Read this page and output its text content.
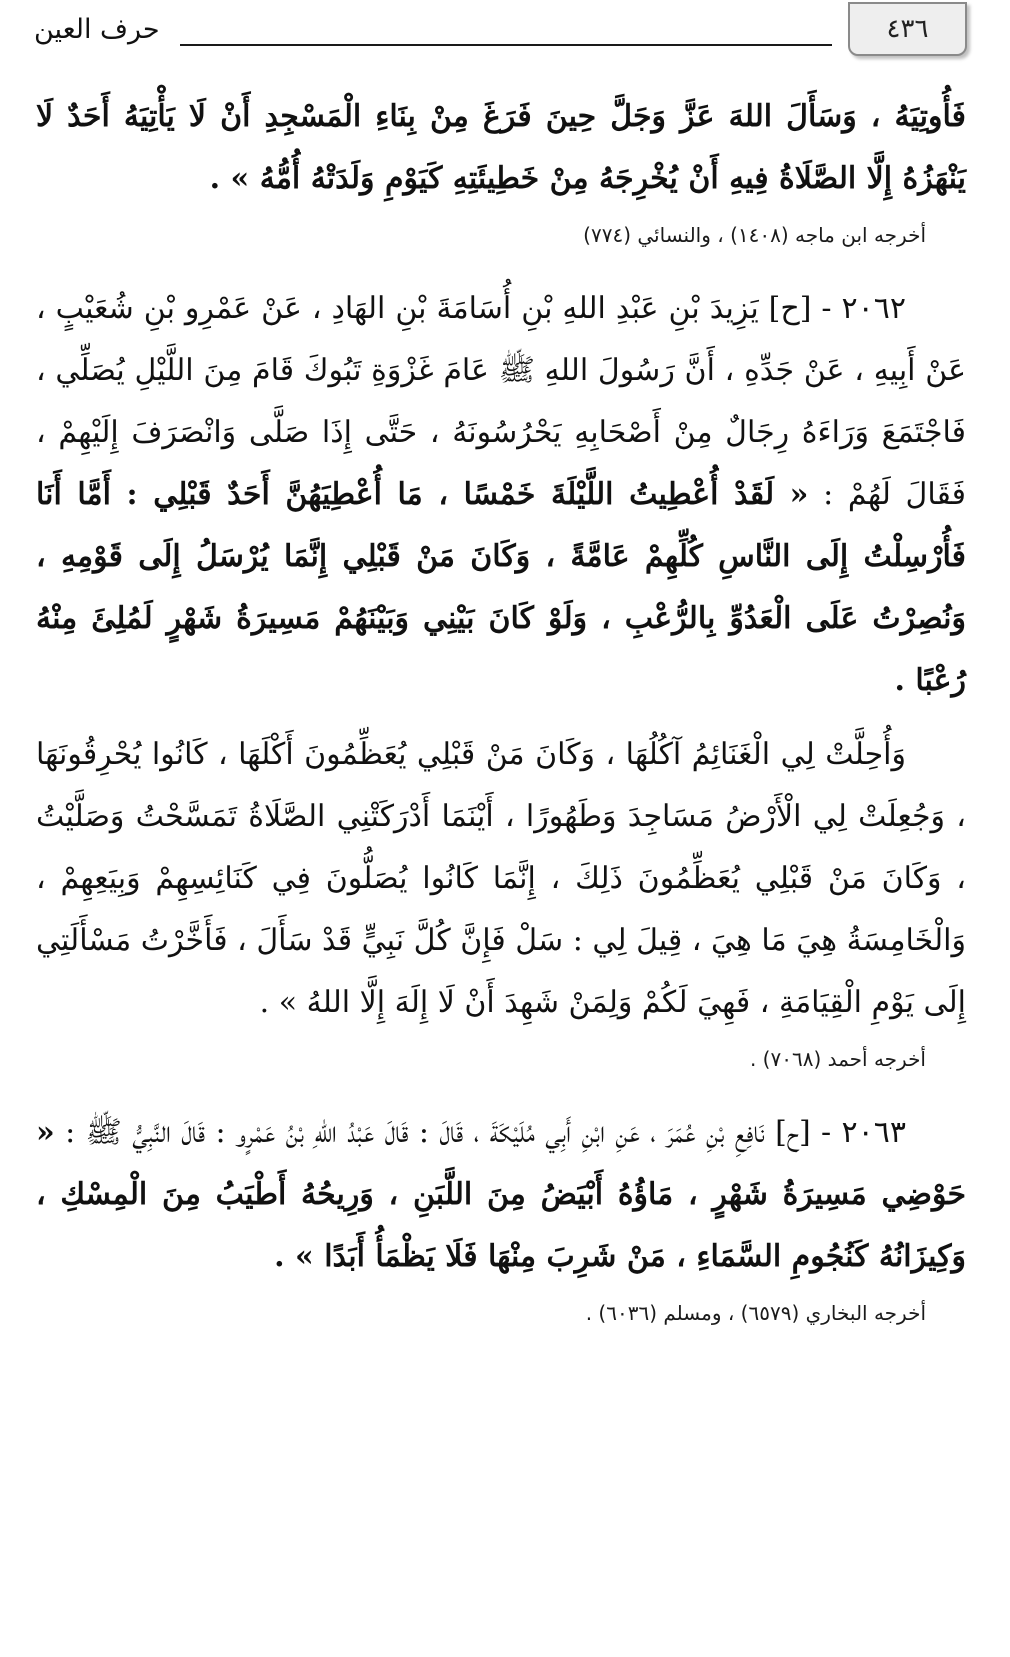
٤٣٦
حرف العين

فَأُوتِيَهُ ، وَسَأَلَ اللهَ عَزَّ وَجَلَّ حِينَ فَرَغَ مِنْ بِنَاءِ الْمَسْجِدِ أَنْ لَا يَأْتِيَهُ أَحَدٌ لَا يَنْهَزُهُ إِلَّا الصَّلَاةُ فِيهِ أَنْ يُخْرِجَهُ مِنْ خَطِيئَتِهِ كَيَوْمِ وَلَدَتْهُ أُمُّهُ » .

أخرجه ابن ماجه (١٤٠٨) ، والنسائي (٧٧٤)

٢٠٦٢ - [ح] يَزِيدَ بْنِ عَبْدِ اللهِ بْنِ أُسَامَةَ بْنِ الهَادِ ، عَنْ عَمْرِو بْنِ شُعَيْبٍ ، عَنْ أَبِيهِ ، عَنْ جَدِّهِ ، أَنَّ رَسُولَ اللهِ ﷺ عَامَ غَزْوَةِ تَبُوكَ قَامَ مِنَ اللَّيْلِ يُصَلِّي ، فَاجْتَمَعَ وَرَاءَهُ رِجَالٌ مِنْ أَصْحَابِهِ يَحْرُسُونَهُ ، حَتَّى إِذَا صَلَّى وَانْصَرَفَ إِلَيْهِمْ ، فَقَالَ لَهُمْ : « لَقَدْ أُعْطِيتُ اللَّيْلَةَ خَمْسًا ، مَا أُعْطِيَهُنَّ أَحَدٌ قَبْلِي : أَمَّا أَنَا فَأُرْسِلْتُ إِلَى النَّاسِ كُلِّهِمْ عَامَّةً ، وَكَانَ مَنْ قَبْلِي إِنَّمَا يُرْسَلُ إِلَى قَوْمِهِ ، وَنُصِرْتُ عَلَى الْعَدُوِّ بِالرُّعْبِ ، وَلَوْ كَانَ بَيْنِي وَبَيْنَهُمْ مَسِيرَةُ شَهْرٍ لَمُلِئَ مِنْهُ رُعْبًا .

وَأُحِلَّتْ لِي الْغَنَائِمُ آكُلُهَا ، وَكَانَ مَنْ قَبْلِي يُعَظِّمُونَ أَكْلَهَا ، كَانُوا يُحْرِقُونَهَا ، وَجُعِلَتْ لِي الْأَرْضُ مَسَاجِدَ وَطَهُورًا ، أَيْنَمَا أَدْرَكَتْنِي الصَّلَاةُ تَمَسَّحْتُ وَصَلَّيْتُ ، وَكَانَ مَنْ قَبْلِي يُعَظِّمُونَ ذَلِكَ ، إِنَّمَا كَانُوا يُصَلُّونَ فِي كَنَائِسِهِمْ وَبِيَعِهِمْ ، وَالْخَامِسَةُ هِيَ مَا هِيَ ، قِيلَ لِي : سَلْ فَإِنَّ كُلَّ نَبِيٍّ قَدْ سَأَلَ ، فَأَخَّرْتُ مَسْأَلَتِي إِلَى يَوْمِ الْقِيَامَةِ ، فَهِيَ لَكُمْ وَلِمَنْ شَهِدَ أَنْ لَا إِلَهَ إِلَّا اللهُ » .

أخرجه أحمد (٧٠٦٨) .

٢٠٦٣ - [ح] نَافِعِ بْنِ عُمَرَ ، عَنِ ابْنِ أَبِي مُلَيْكَةَ ، قَالَ : قَالَ عَبْدُ اللهِ بْنُ عَمْرٍو : قَالَ النَّبِيُّ ﷺ : « حَوْضِي مَسِيرَةُ شَهْرٍ ، مَاؤُهُ أَبْيَضُ مِنَ اللَّبَنِ ، وَرِيحُهُ أَطْيَبُ مِنَ الْمِسْكِ ، وَكِيزَانُهُ كَنُجُومِ السَّمَاءِ ، مَنْ شَرِبَ مِنْهَا فَلَا يَظْمَأُ أَبَدًا » .

أخرجه البخاري (٦٥٧٩) ، ومسلم (٦٠٣٦) .
